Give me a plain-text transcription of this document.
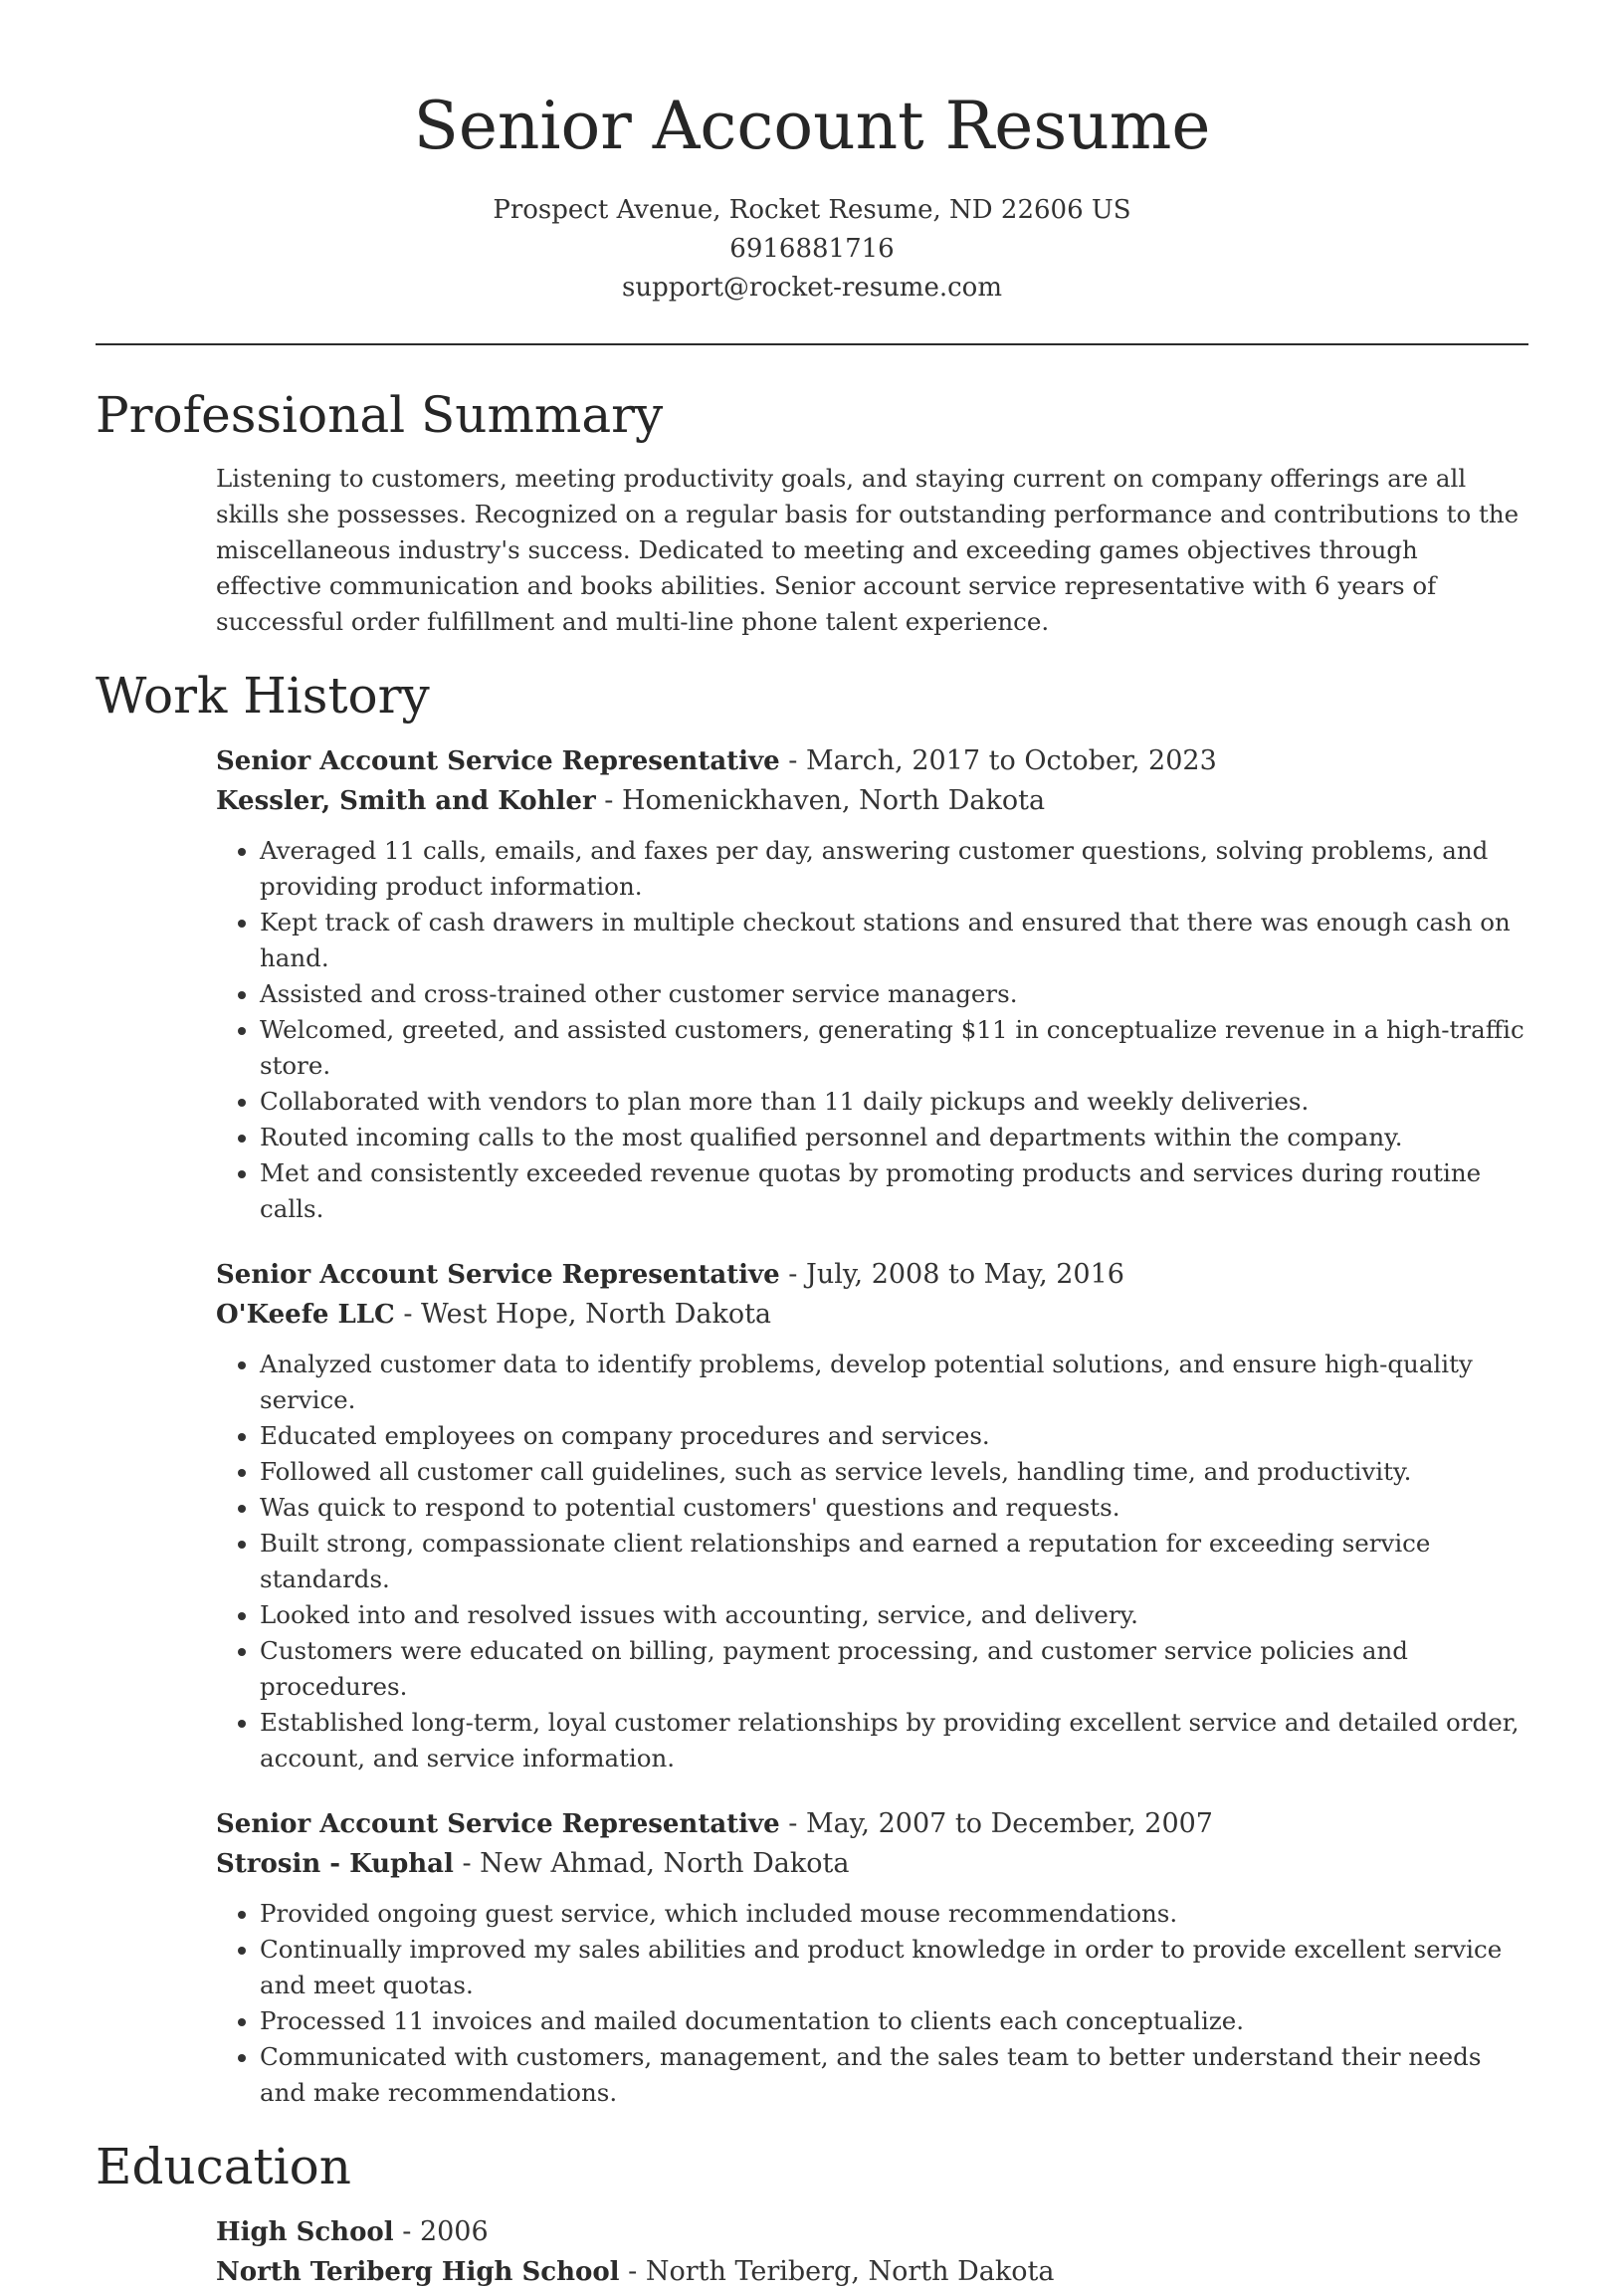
Senior Account Resume
Prospect Avenue, Rocket Resume, ND 22606 US
6916881716
support@rocket-resume.com
Professional Summary

Listening to customers, meeting productivity goals, and staying current on company offerings are all skills she possesses. Recognized on a regular basis for outstanding performance and contributions to the miscellaneous industry's success. Dedicated to meeting and exceeding games objectives through effective communication and books abilities. Senior account service representative with 6 years of successful order fulfillment and multi-line phone talent experience.

Work History
Senior Account Service Representative - March, 2017 to October, 2023
Kessler, Smith and Kohler - Homenickhaven, North Dakota
• Averaged 11 calls, emails, and faxes per day, answering customer questions, solving problems, and providing product information.
• Kept track of cash drawers in multiple checkout stations and ensured that there was enough cash on hand.
• Assisted and cross-trained other customer service managers.
• Welcomed, greeted, and assisted customers, generating $11 in conceptualize revenue in a high-traffic store.
• Collaborated with vendors to plan more than 11 daily pickups and weekly deliveries.
• Routed incoming calls to the most qualified personnel and departments within the company.
• Met and consistently exceeded revenue quotas by promoting products and services during routine calls.
Senior Account Service Representative - July, 2008 to May, 2016
O'Keefe LLC - West Hope, North Dakota
• Analyzed customer data to identify problems, develop potential solutions, and ensure high-quality service.
• Educated employees on company procedures and services.
• Followed all customer call guidelines, such as service levels, handling time, and productivity.
• Was quick to respond to potential customers' questions and requests.
• Built strong, compassionate client relationships and earned a reputation for exceeding service standards.
• Looked into and resolved issues with accounting, service, and delivery.
• Customers were educated on billing, payment processing, and customer service policies and procedures.
• Established long-term, loyal customer relationships by providing excellent service and detailed order, account, and service information.
Senior Account Service Representative - May, 2007 to December, 2007
Strosin - Kuphal - New Ahmad, North Dakota
• Provided ongoing guest service, which included mouse recommendations.
• Continually improved my sales abilities and product knowledge in order to provide excellent service and meet quotas.
• Processed 11 invoices and mailed documentation to clients each conceptualize.
• Communicated with customers, management, and the sales team to better understand their needs and make recommendations.
Education
High School - 2006
North Teriberg High School - North Teriberg, North Dakota
